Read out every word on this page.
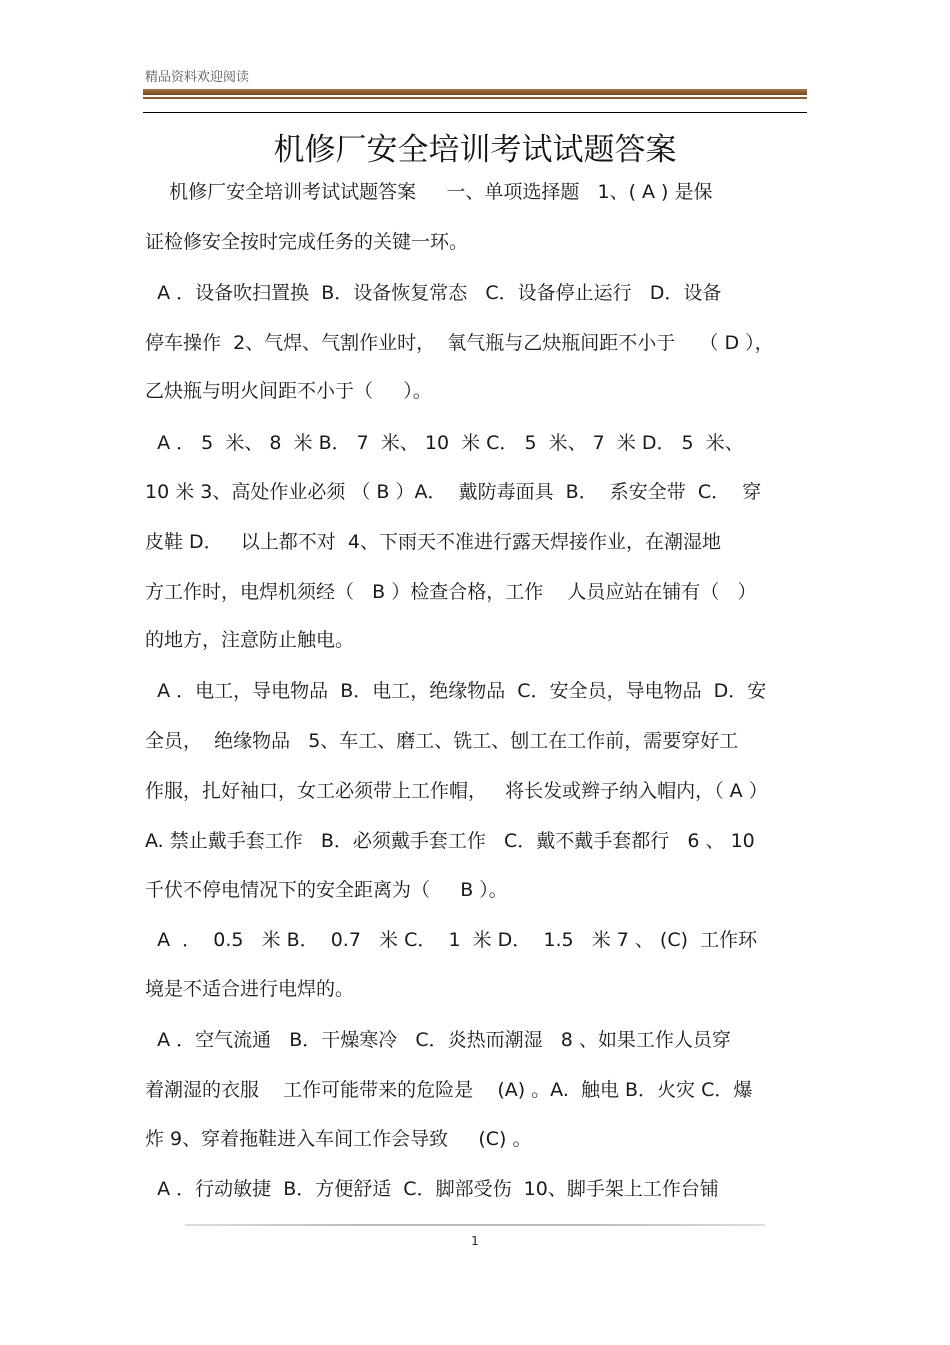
精品资料欢迎阅读
机修厂安全培训考试试题答案
机修厂安全培训考试试题答案     一、单项选择题   1、( A ) 是保
证检修安全按时完成任务的关键一环。
A ．设备吹扫置换  B．设备恢复常态   C．设备停止运行   D．设备
停车操作  2、气焊、气割作业时，  氧气瓶与乙炔瓶间距不小于    （ D ），
乙炔瓶与明火间距不小于（     ）。
A ． 5  米、 8  米 B． 7  米、 10  米 C． 5  米、 7  米 D． 5  米、
10 米 3、高处作业必须 （ B ）A．  戴防毒面具  B．  系安全带  C．  穿
皮鞋 D．   以上都不对  4、下雨天不准进行露天焊接作业，在潮湿地
方工作时，电焊机须经（   B ）检查合格，工作    人员应站在铺有（   ）
的地方，注意防止触电。
A ．电工，导电物品  B．电工，绝缘物品  C．安全员，导电物品  D．安
全员，  绝缘物品   5、车工、磨工、铣工、刨工在工作前，需要穿好工
作服，扎好袖口，女工必须带上工作帽，   将长发或辫子纳入帽内，（ A ）
A. 禁止戴手套工作   B．必须戴手套工作   C．戴不戴手套都行   6 、 10
千伏不停电情况下的安全距离为（     B ）。
A  ．  0.5   米 B．  0.7   米 C．  1  米 D．  1.5   米 7 、 (C)  工作环
境是不适合进行电焊的。
A ．空气流通   B．干燥寒冷   C．炎热而潮湿   8 、如果工作人员穿
着潮湿的衣服    工作可能带来的危险是    (A) 。A.  触电 B．火灾 C．爆
炸 9、穿着拖鞋进入车间工作会导致     (C) 。
A ．行动敏捷  B．方便舒适  C．脚部受伤  10、脚手架上工作台铺
1
